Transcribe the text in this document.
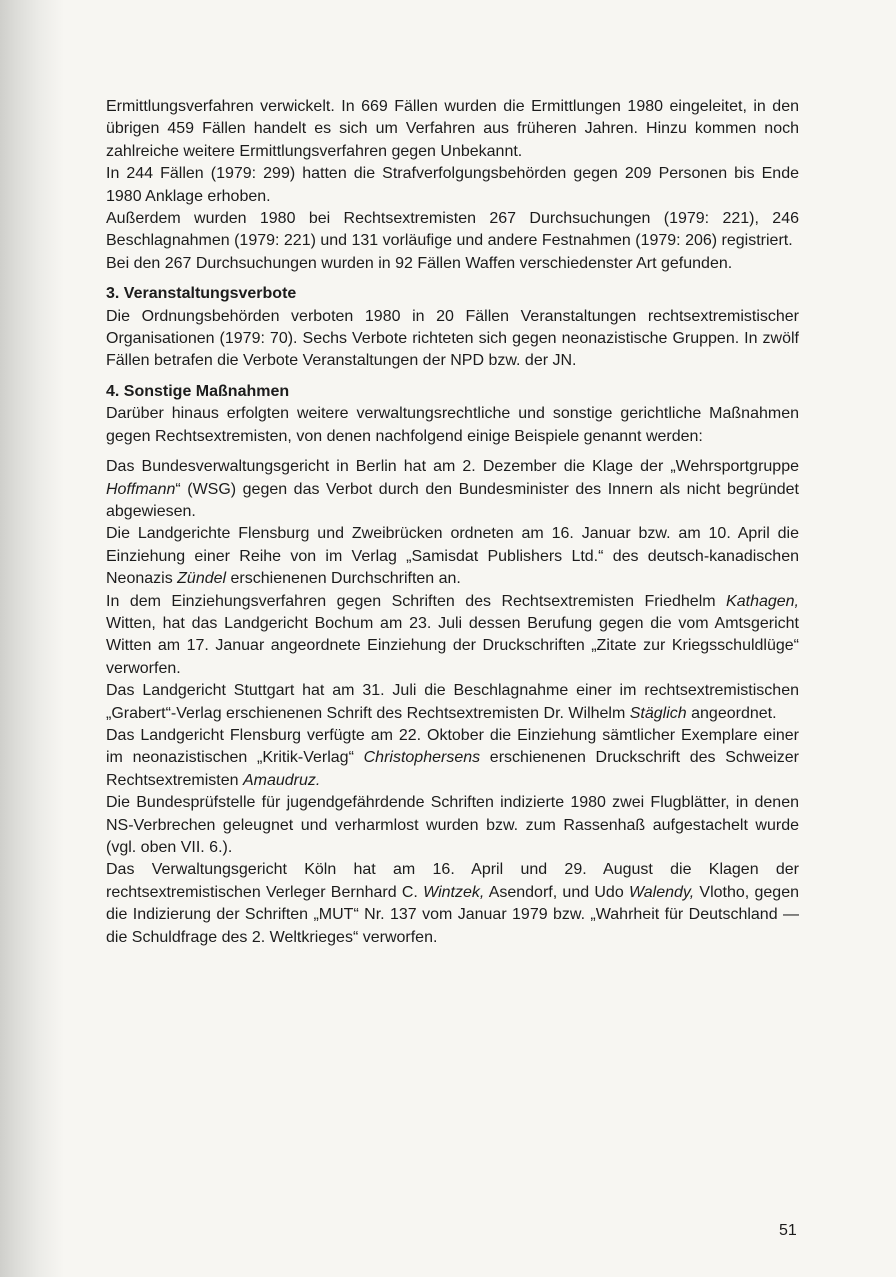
Ermittlungsverfahren verwickelt. In 669 Fällen wurden die Ermittlungen 1980 eingeleitet, in den übrigen 459 Fällen handelt es sich um Verfahren aus früheren Jahren. Hinzu kommen noch zahlreiche weitere Ermittlungsverfahren gegen Unbekannt.

In 244 Fällen (1979: 299) hatten die Strafverfolgungsbehörden gegen 209 Personen bis Ende 1980 Anklage erhoben.

Außerdem wurden 1980 bei Rechtsextremisten 267 Durchsuchungen (1979: 221), 246 Beschlagnahmen (1979: 221) und 131 vorläufige und andere Festnahmen (1979: 206) registriert.

Bei den 267 Durchsuchungen wurden in 92 Fällen Waffen verschiedenster Art gefunden.

3. Veranstaltungsverbote

Die Ordnungsbehörden verboten 1980 in 20 Fällen Veranstaltungen rechtsextremistischer Organisationen (1979: 70). Sechs Verbote richteten sich gegen neonazistische Gruppen. In zwölf Fällen betrafen die Verbote Veranstaltungen der NPD bzw. der JN.

4. Sonstige Maßnahmen

Darüber hinaus erfolgten weitere verwaltungsrechtliche und sonstige gerichtliche Maßnahmen gegen Rechtsextremisten, von denen nachfolgend einige Beispiele genannt werden:

Das Bundesverwaltungsgericht in Berlin hat am 2. Dezember die Klage der „Wehrsportgruppe Hoffmann“ (WSG) gegen das Verbot durch den Bundesminister des Innern als nicht begründet abgewiesen.

Die Landgerichte Flensburg und Zweibrücken ordneten am 16. Januar bzw. am 10. April die Einziehung einer Reihe von im Verlag „Samisdat Publishers Ltd.“ des deutsch-kanadischen Neonazis Zündel erschienenen Durchschriften an.

In dem Einziehungsverfahren gegen Schriften des Rechtsextremisten Friedhelm Kathagen, Witten, hat das Landgericht Bochum am 23. Juli dessen Berufung gegen die vom Amtsgericht Witten am 17. Januar angeordnete Einziehung der Druckschriften „Zitate zur Kriegsschuldlüge“ verworfen.

Das Landgericht Stuttgart hat am 31. Juli die Beschlagnahme einer im rechtsextremistischen „Grabert“-Verlag erschienenen Schrift des Rechtsextremisten Dr. Wilhelm Stäglich angeordnet.

Das Landgericht Flensburg verfügte am 22. Oktober die Einziehung sämtlicher Exemplare einer im neonazistischen „Kritik-Verlag“ Christophersens erschienenen Druckschrift des Schweizer Rechtsextremisten Amaudruz.

Die Bundesprüfstelle für jugendgefährdende Schriften indizierte 1980 zwei Flugblätter, in denen NS-Verbrechen geleugnet und verharmlost wurden bzw. zum Rassenhaß aufgestachelt wurde (vgl. oben VII. 6.).

Das Verwaltungsgericht Köln hat am 16. April und 29. August die Klagen der rechtsextremistischen Verleger Bernhard C. Wintzek, Asendorf, und Udo Walendy, Vlotho, gegen die Indizierung der Schriften „MUT“ Nr. 137 vom Januar 1979 bzw. „Wahrheit für Deutschland — die Schuldfrage des 2. Weltkrieges“ verworfen.

51
